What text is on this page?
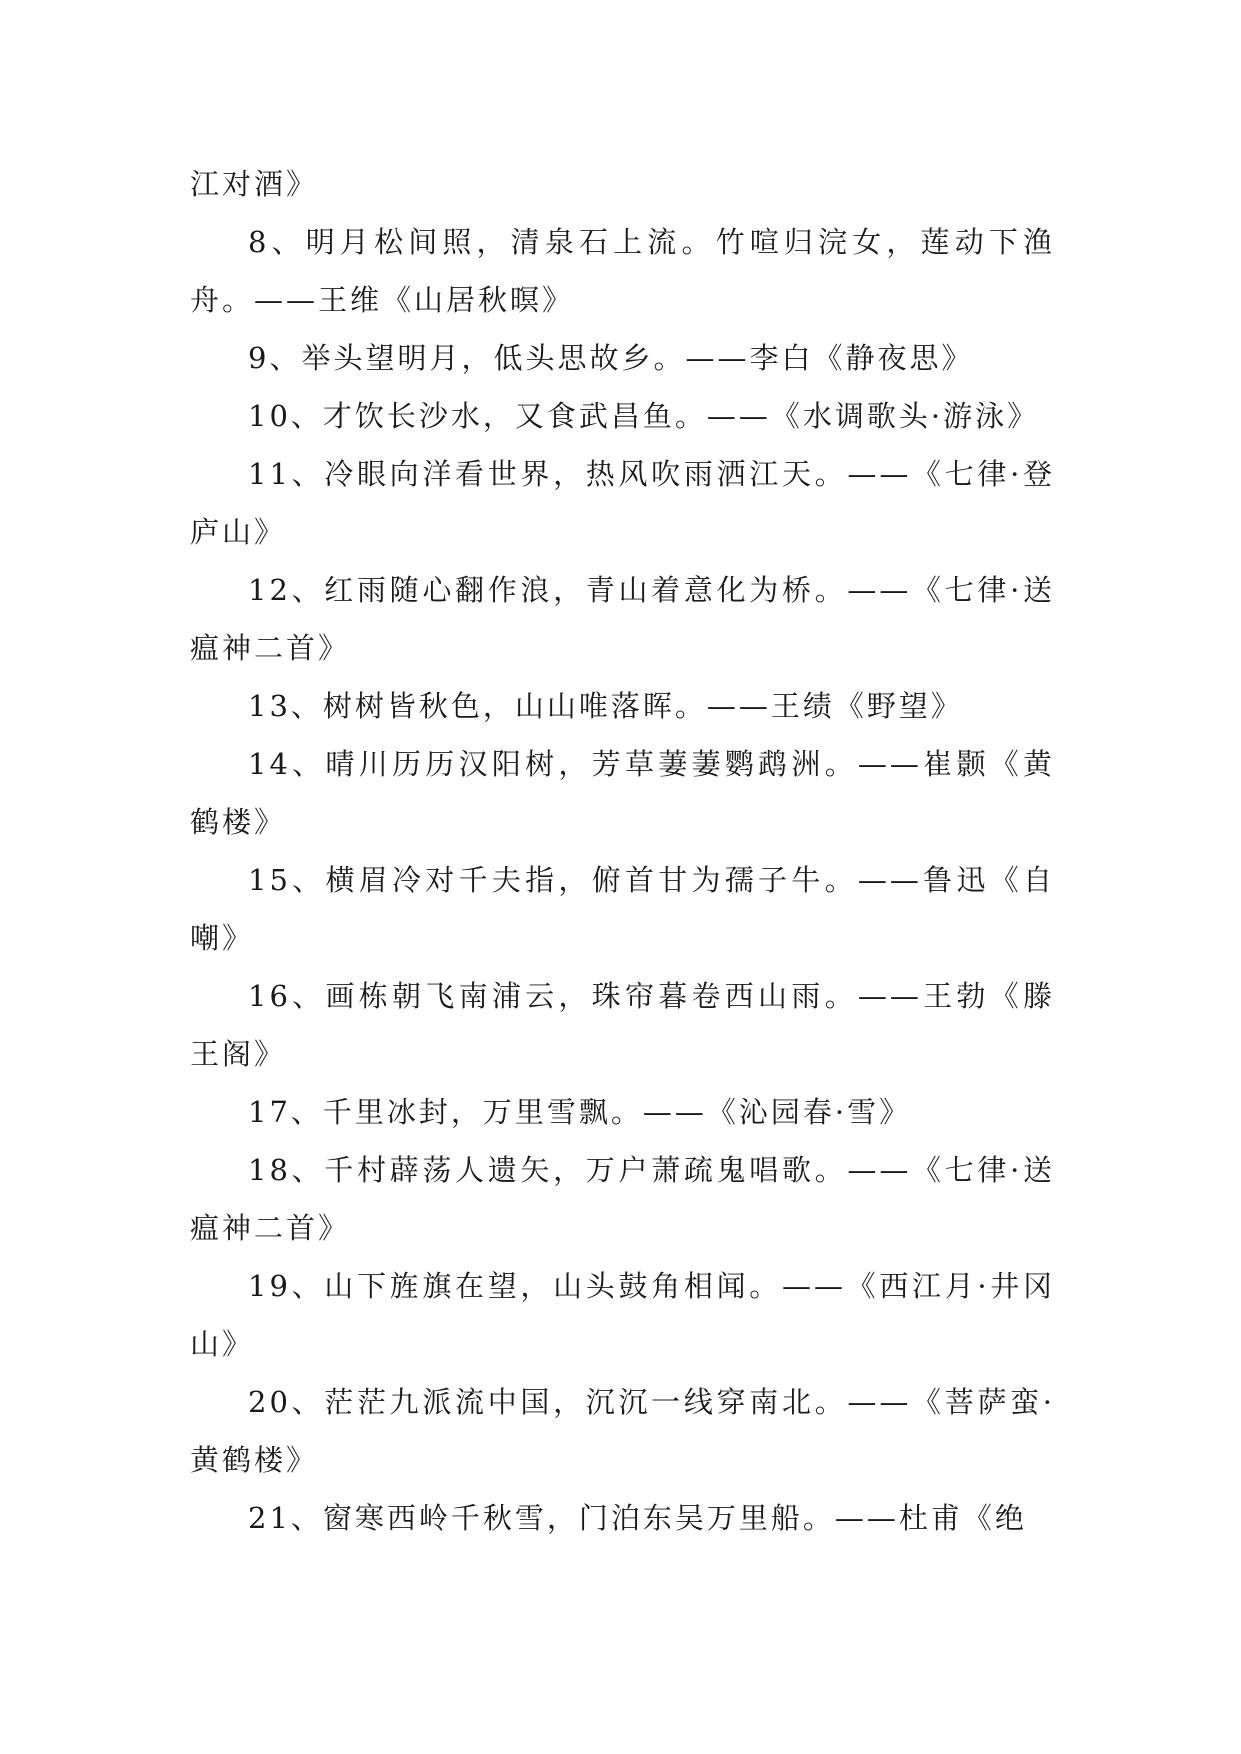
江对酒》

8、明月松间照，清泉石上流。竹喧归浣女，莲动下渔舟。——王维《山居秋暝》

9、举头望明月，低头思故乡。——李白《静夜思》

10、才饮长沙水，又食武昌鱼。——《水调歌头·游泳》

11、冷眼向洋看世界，热风吹雨洒江天。——《七律·登庐山》

12、红雨随心翻作浪，青山着意化为桥。——《七律·送瘟神二首》

13、树树皆秋色，山山唯落晖。——王绩《野望》

14、晴川历历汉阳树，芳草萋萋鹦鹉洲。——崔颢《黄鹤楼》

15、横眉冷对千夫指，俯首甘为孺子牛。——鲁迅《自嘲》

16、画栋朝飞南浦云，珠帘暮卷西山雨。——王勃《滕王阁》

17、千里冰封，万里雪飘。——《沁园春·雪》

18、千村薜荡人遗矢，万户萧疏鬼唱歌。——《七律·送瘟神二首》

19、山下旌旗在望，山头鼓角相闻。——《西江月·井冈山》

20、茫茫九派流中国，沉沉一线穿南北。——《菩萨蛮·黄鹤楼》

21、窗寒西岭千秋雪，门泊东吴万里船。——杜甫《绝
